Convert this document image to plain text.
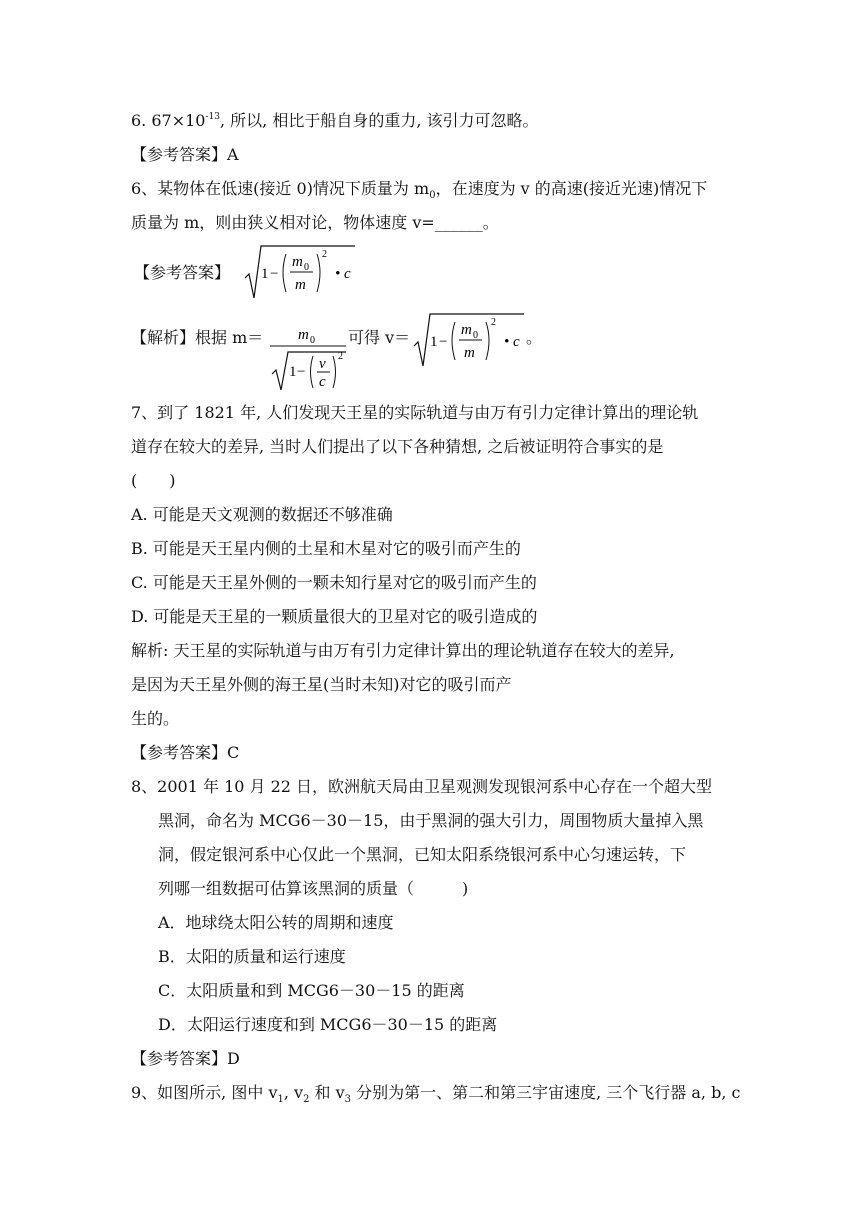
6. $67\times 10^{-13}$, 所以, 相比于船自身的重力, 该引力可忽略。
【参考答案】A
6、某物体在低速(接近 0)情况下质量为 $m_0$，在速度为 v 的高速(接近光速)情况下
质量为 m，则由狭义相对论，物体速度 v=______。
【参考答案】 1 −
m 0
m
2
• c
【解析】根据 m＝ m 0
1 − v
c
2
可得 v＝ 1 −
m 0
m
2
• c 。
7、到了 1821 年, 人们发现天王星的实际轨道与由万有引力定律计算出的理论轨
道存在较大的差异, 当时人们提出了以下各种猜想, 之后被证明符合事实的是
(　　)
A. 可能是天文观测的数据还不够准确
B. 可能是天王星内侧的土星和木星对它的吸引而产生的
C. 可能是天王星外侧的一颗未知行星对它的吸引而产生的
D. 可能是天王星的一颗质量很大的卫星对它的吸引造成的
解析: 天王星的实际轨道与由万有引力定律计算出的理论轨道存在较大的差异,
是因为天王星外侧的海王星(当时未知)对它的吸引而产
生的。
【参考答案】C
8、2001 年 10 月 22 日，欧洲航天局由卫星观测发现银河系中心存在一个超大型
黑洞，命名为 MCG6－30－15，由于黑洞的强大引力，周围物质大量掉入黑
洞，假定银河系中心仅此一个黑洞，已知太阳系绕银河系中心匀速运转，下
列哪一组数据可估算该黑洞的质量（　　　)
A．地球绕太阳公转的周期和速度
B．太阳的质量和运行速度
C．太阳质量和到 MCG6－30－15 的距离
D．太阳运行速度和到 MCG6－30－15 的距离
【参考答案】D
9、如图所示, 图中 $v_1$, $v_2$ 和 $v_3$ 分别为第一、第二和第三宇宙速度, 三个飞行器 a, b, c
